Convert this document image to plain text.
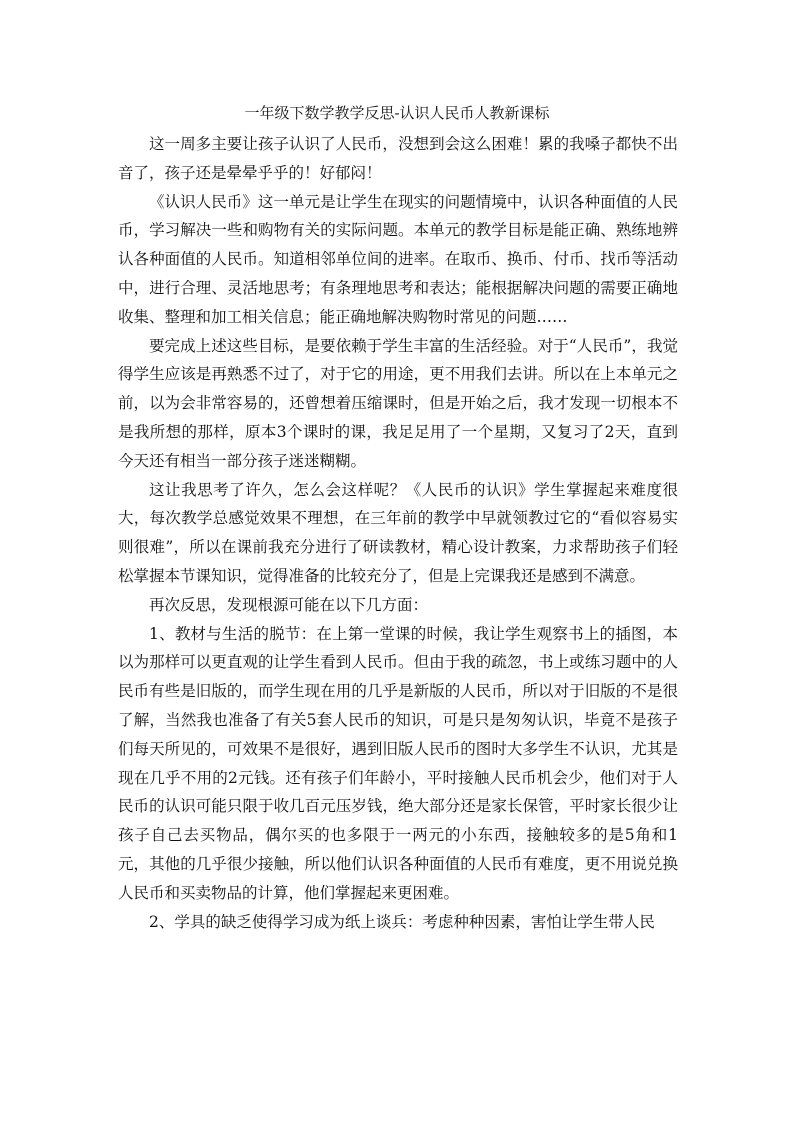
一年级下数学教学反思-认识人民币人教新课标

这一周多主要让孩子认识了人民币，没想到会这么困难！累的我嗓子都快不出音了，孩子还是晕晕乎乎的！好郁闷！

《认识人民币》这一单元是让学生在现实的问题情境中，认识各种面值的人民币，学习解决一些和购物有关的实际问题。本单元的教学目标是能正确、熟练地辨认各种面值的人民币。知道相邻单位间的进率。在取币、换币、付币、找币等活动中，进行合理、灵活地思考；有条理地思考和表达；能根据解决问题的需要正确地收集、整理和加工相关信息；能正确地解决购物时常见的问题……

要完成上述这些目标，是要依赖于学生丰富的生活经验。对于“人民币”，我觉得学生应该是再熟悉不过了，对于它的用途，更不用我们去讲。所以在上本单元之前，以为会非常容易的，还曾想着压缩课时，但是开始之后，我才发现一切根本不是我所想的那样，原本3个课时的课，我足足用了一个星期，又复习了2天，直到今天还有相当一部分孩子迷迷糊糊。

这让我思考了许久，怎么会这样呢？《人民币的认识》学生掌握起来难度很大，每次教学总感觉效果不理想，在三年前的教学中早就领教过它的“看似容易实则很难”，所以在课前我充分进行了研读教材，精心设计教案，力求帮助孩子们轻松掌握本节课知识，觉得准备的比较充分了，但是上完课我还是感到不满意。

再次反思，发现根源可能在以下几方面：

1、教材与生活的脱节：在上第一堂课的时候，我让学生观察书上的插图，本以为那样可以更直观的让学生看到人民币。但由于我的疏忽，书上或练习题中的人民币有些是旧版的，而学生现在用的几乎是新版的人民币，所以对于旧版的不是很了解，当然我也准备了有关5套人民币的知识，可是只是匆匆认识，毕竟不是孩子们每天所见的，可效果不是很好，遇到旧版人民币的图时大多学生不认识，尤其是现在几乎不用的2元钱。还有孩子们年龄小，平时接触人民币机会少，他们对于人民币的认识可能只限于收几百元压岁钱，绝大部分还是家长保管，平时家长很少让孩子自己去买物品，偶尔买的也多限于一两元的小东西，接触较多的是5角和1元，其他的几乎很少接触，所以他们认识各种面值的人民币有难度，更不用说兑换人民币和买卖物品的计算，他们掌握起来更困难。

2、学具的缺乏使得学习成为纸上谈兵：考虑种种因素，害怕让学生带人民
